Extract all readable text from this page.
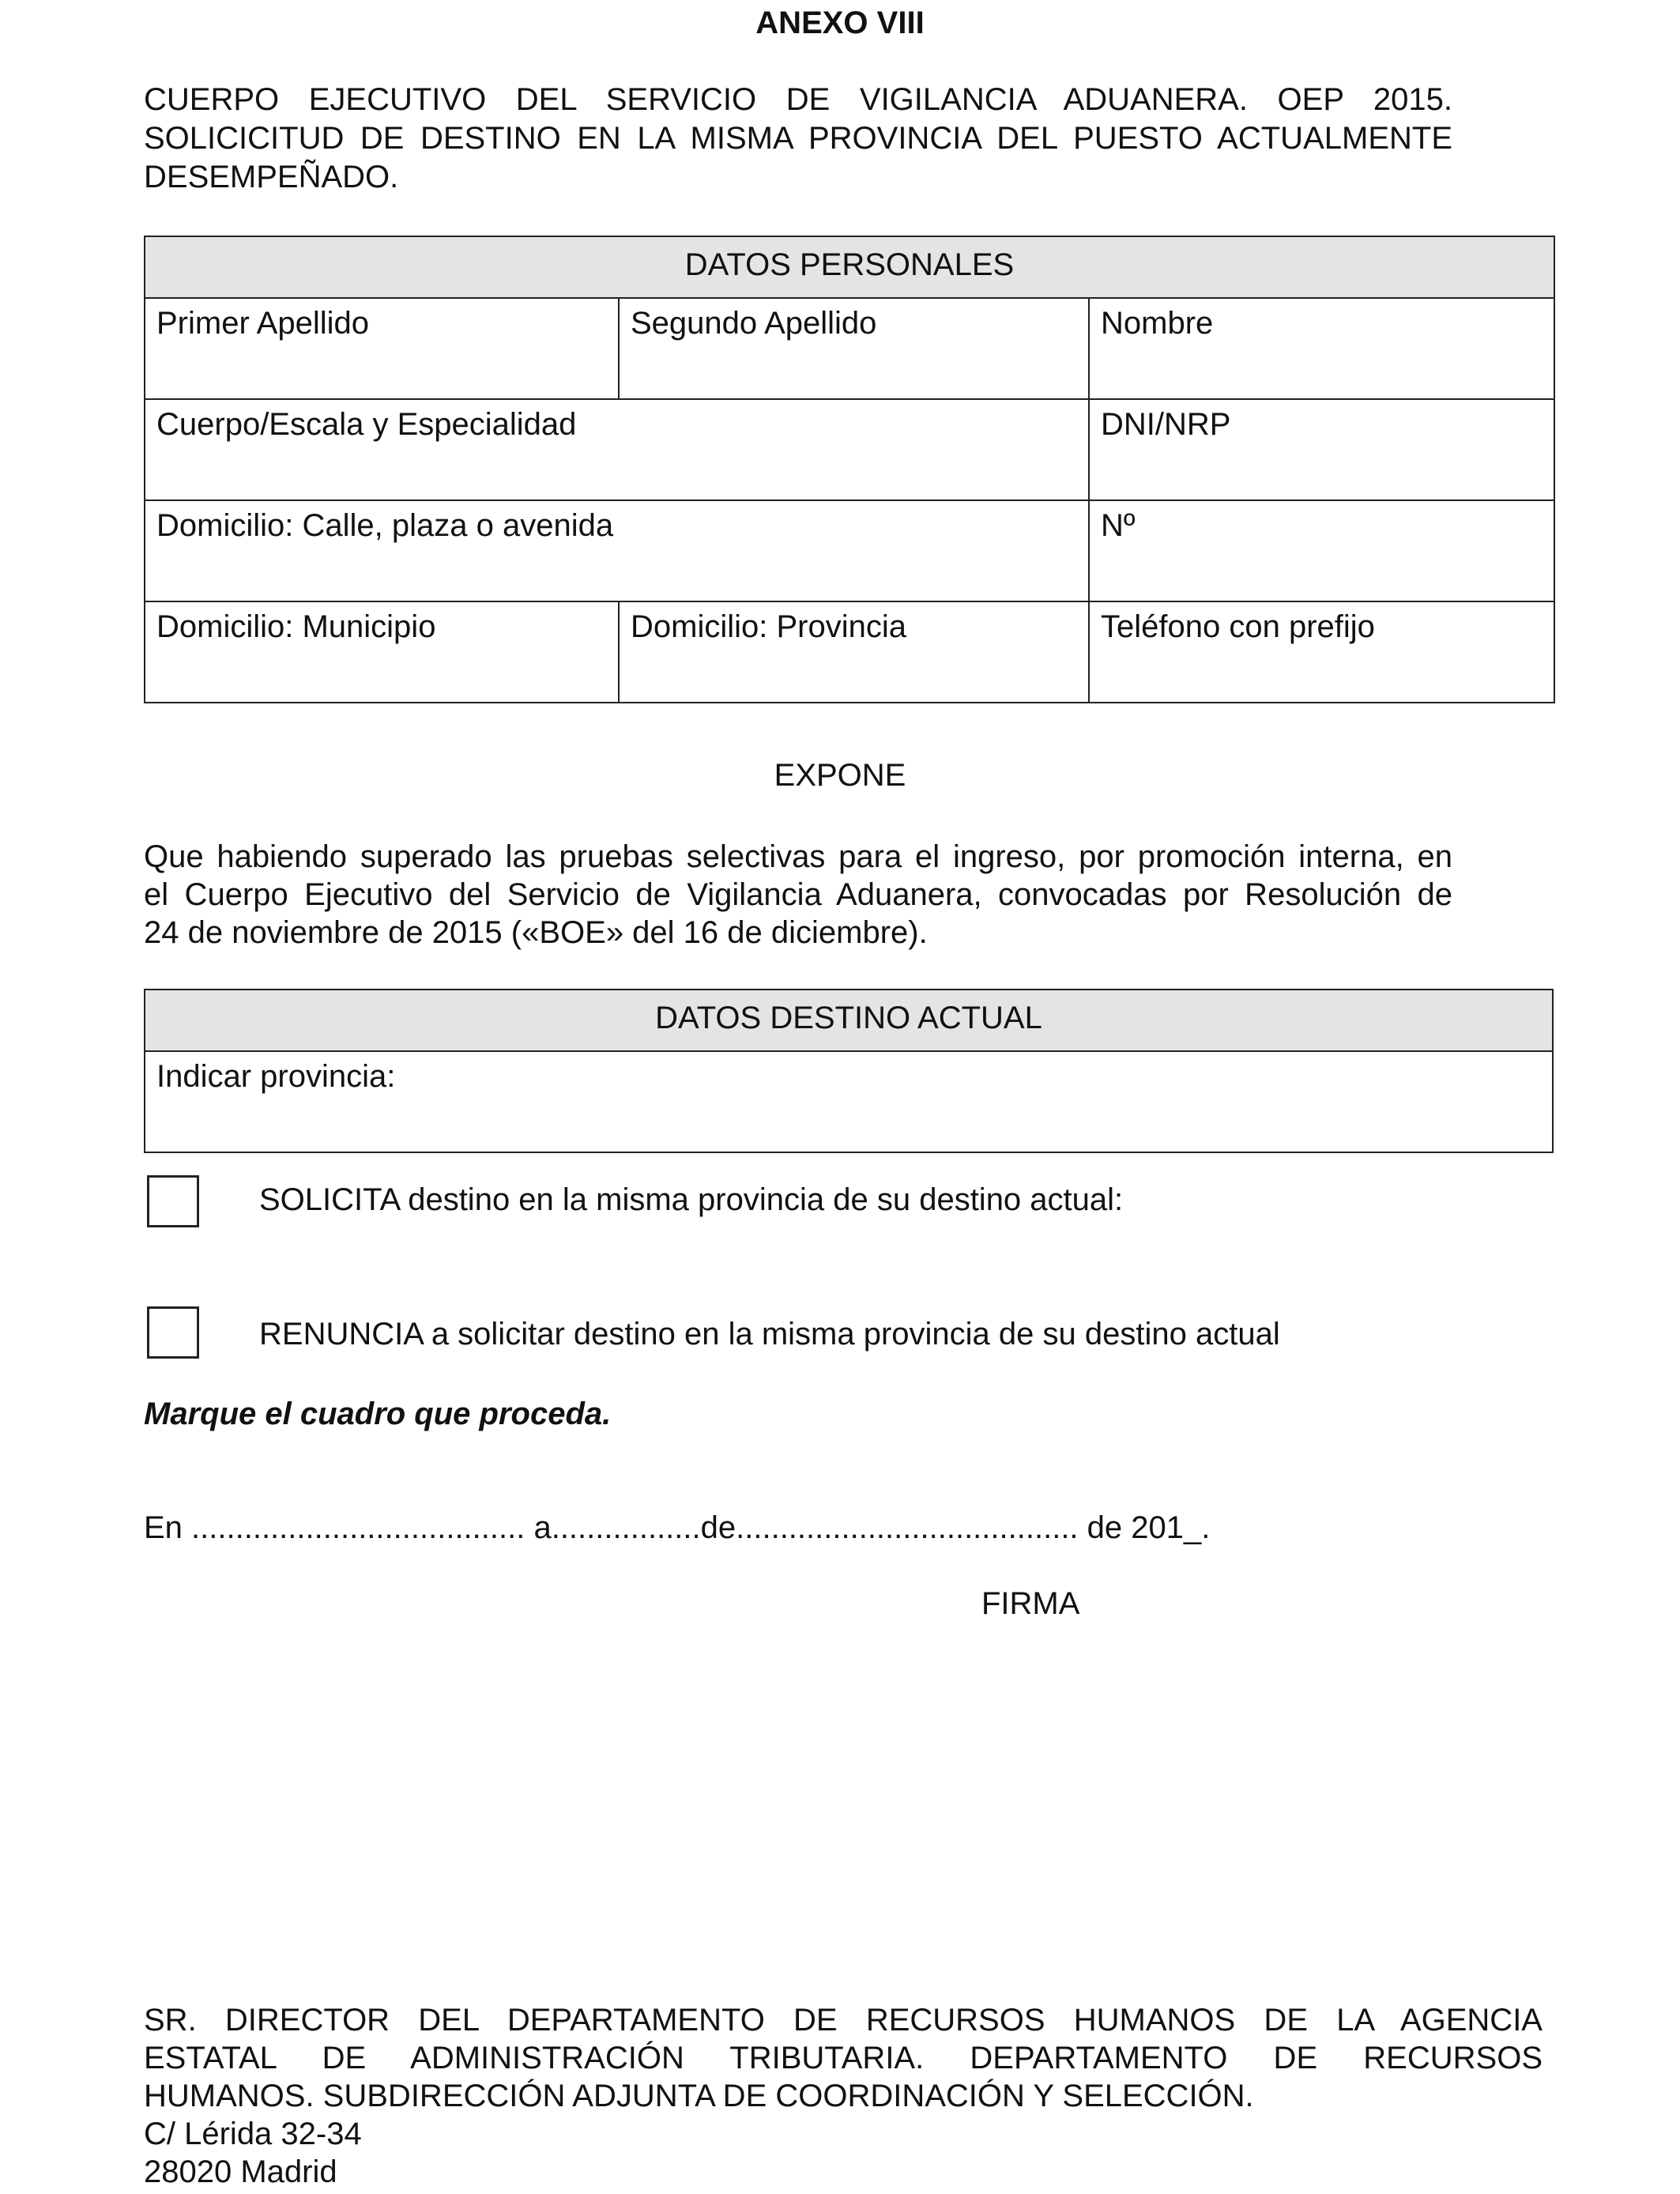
ANEXO VIII
CUERPO EJECUTIVO DEL SERVICIO DE VIGILANCIA ADUANERA. OEP 2015.
SOLICICITUD DE DESTINO EN LA MISMA PROVINCIA DEL PUESTO ACTUALMENTE
DESEMPEÑADO.
DATOS PERSONALES		
Primer Apellido	Segundo Apellido	Nombre
Cuerpo/Escala y Especialidad		DNI/NRP
Domicilio: Calle, plaza o avenida		Nº
Domicilio: Municipio	Domicilio: Provincia	Teléfono con prefijo
EXPONE
Que habiendo superado las pruebas selectivas para el ingreso, por promoción interna, en
el Cuerpo Ejecutivo del Servicio de Vigilancia Aduanera, convocadas por Resolución de
24 de noviembre de 2015 («BOE» del 16 de diciembre).
DATOS DESTINO ACTUAL
Indicar provincia:
SOLICITA destino en la misma provincia de su destino actual:
RENUNCIA a solicitar destino en la misma provincia de su destino actual
Marque el cuadro que proceda.
En ...................................... a.................de....................................... de 201_.
FIRMA
SR. DIRECTOR DEL DEPARTAMENTO DE RECURSOS HUMANOS DE LA AGENCIA
ESTATAL DE ADMINISTRACIÓN TRIBUTARIA. DEPARTAMENTO DE RECURSOS
HUMANOS. SUBDIRECCIÓN ADJUNTA DE COORDINACIÓN Y SELECCIÓN.
C/ Lérida 32-34
28020 Madrid
